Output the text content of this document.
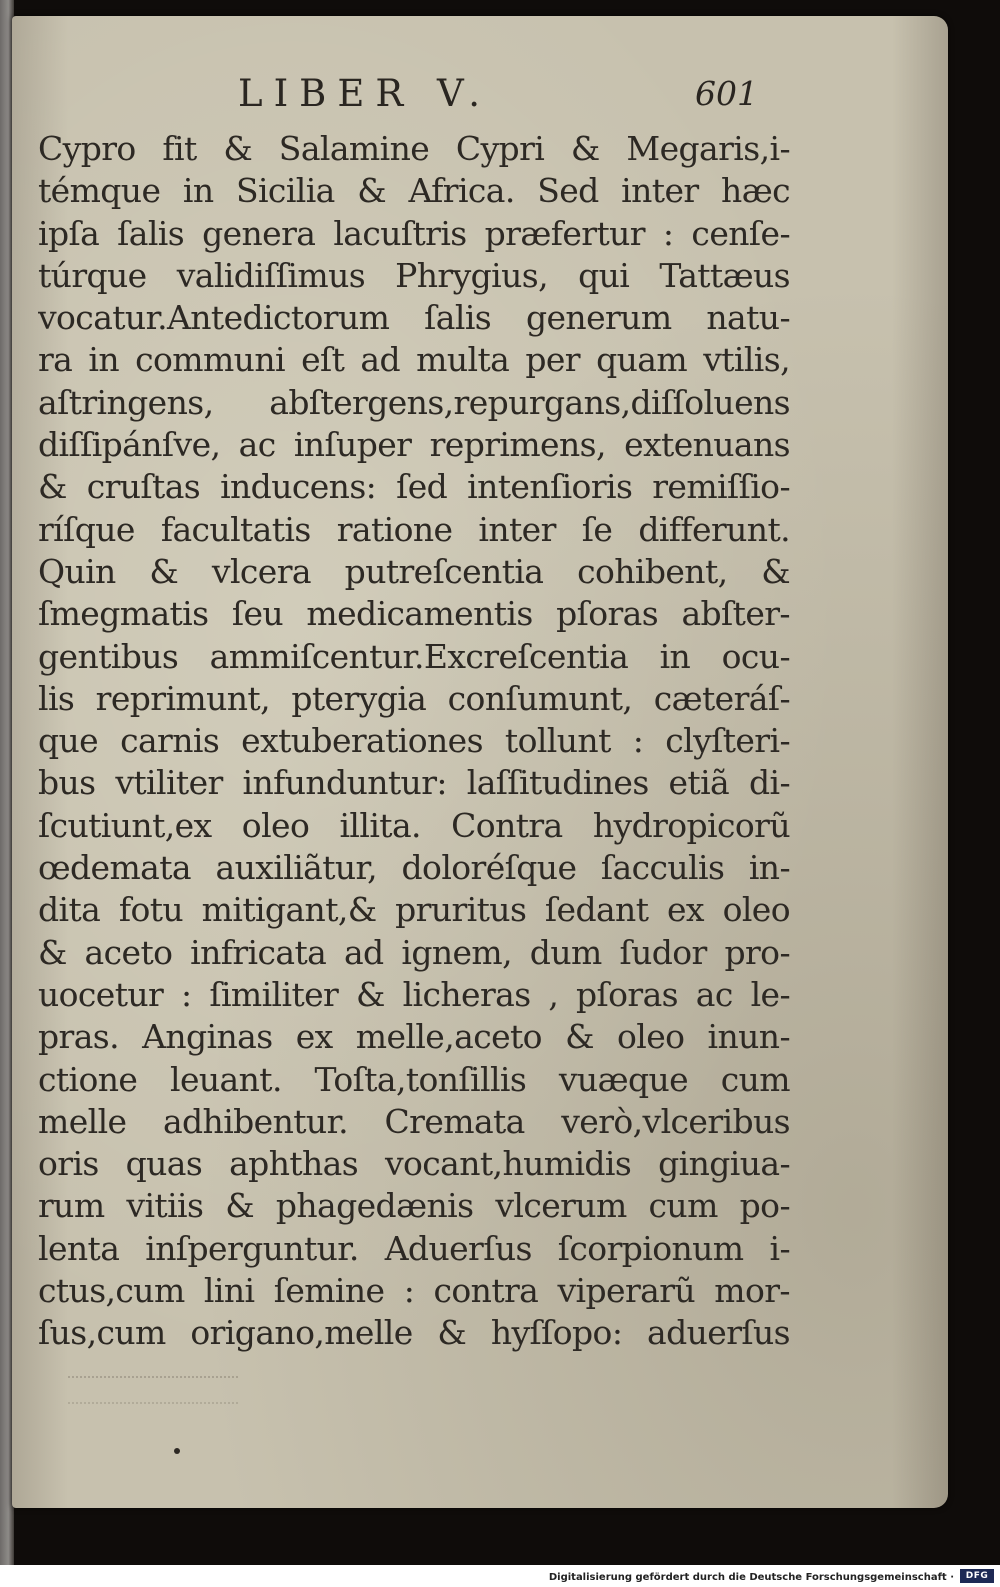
LIBER V.	601
Cypro fit & Salamine Cypri & Megaris,i-
témque in Sicilia & Africa. Sed inter hæc
ipſa ſalis genera lacuſtris præfertur : cenſe-
túrque validiſſimus Phrygius, qui Tattæus
vocatur.Antedictorum ſalis generum natu-
ra in communi eſt ad multa per quam vtilis,
aſtringens, abſtergens,repurgans,diſſoluens
diſſipánſve, ac inſuper reprimens, extenuans
& cruſtas inducens: ſed intenſioris remiſſio-
ríſque facultatis ratione inter ſe differunt.
Quin & vlcera putreſcentia cohibent, &
ſmegmatis ſeu medicamentis pſoras abſter-
gentibus ammiſcentur.Excreſcentia in ocu-
lis reprimunt, pterygia conſumunt, cæteráſ-
que carnis extuberationes tollunt : clyſteri-
bus vtiliter infunduntur: laſſitudines etiã di-
ſcutiunt,ex oleo illita. Contra hydropicorũ
œdemata auxiliãtur, doloréſque ſacculis in-
dita fotu mitigant,& pruritus ſedant ex oleo
& aceto infricata ad ignem, dum ſudor pro-
uocetur : ſimiliter & licheras , pſoras ac le-
pras. Anginas ex melle,aceto & oleo inun-
ctione leuant. Toſta,tonſillis vuæque cum
melle adhibentur. Cremata verò,vlceribus
oris quas aphthas vocant,humidis gingiua-
rum vitiis & phagedænis vlcerum cum po-
lenta inſperguntur. Aduerſus ſcorpionum i-
ctus,cum lini ſemine : contra viperarũ mor-
ſus,cum origano,melle & hyſſopo: aduerſus
Digitalisierung gefördert durch die Deutsche Forschungsgemeinschaft ·	DFG
